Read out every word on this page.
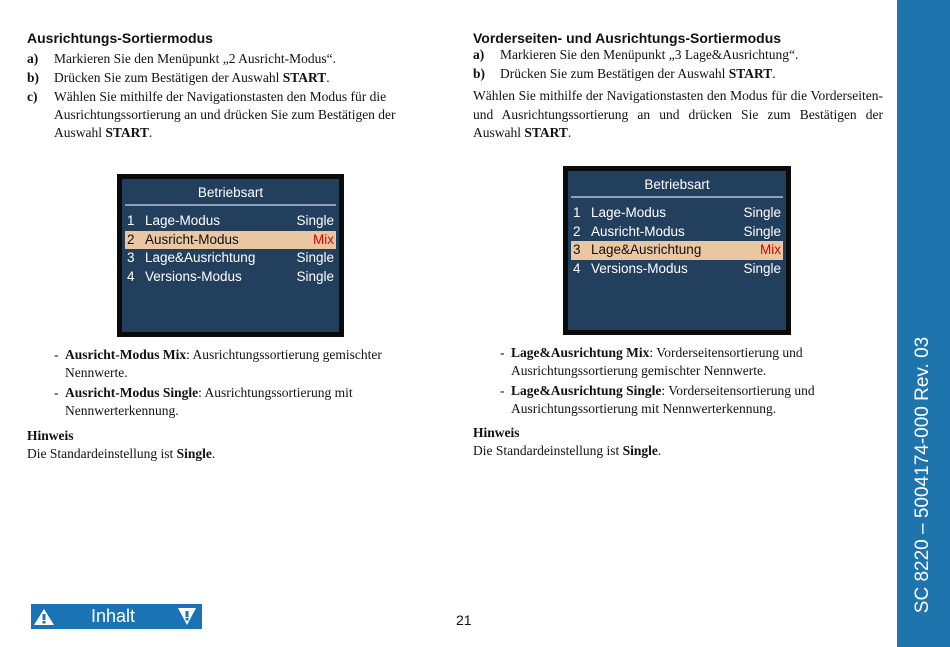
Ausrichtungs-Sortiermodus
a)	Markieren Sie den Menüpunkt „2 Ausricht-Modus“.
b)	Drücken Sie zum Bestätigen der Auswahl START.
c)	Wählen Sie mithilfe der Navigationstasten den Modus für die Ausrichtungssortierung an und drücken Sie zum Bestätigen der Auswahl START.
Betriebsart
1 Lage-Modus	Single
2 Ausricht-Modus	Mix
3 Lage&Ausrichtung	Single
4 Versions-Modus	Single
- Ausricht-Modus Mix: Ausrichtungssortierung gemischter Nennwerte.
- Ausricht-Modus Single: Ausrichtungssortierung mit Nennwerterkennung.
Hinweis
Die Standardeinstellung ist Single.
Vorderseiten- und Ausrichtungs-Sortiermodus
a)	Markieren Sie den Menüpunkt „3 Lage&Ausrichtung“.
b)	Drücken Sie zum Bestätigen der Auswahl START.

Wählen Sie mithilfe der Navigationstasten den Modus für die Vorderseiten- und Ausrichtungssortierung an und drücken Sie zum Bestätigen der Auswahl START.

Betriebsart
1 Lage-Modus	Single
2 Ausricht-Modus	Single
3 Lage&Ausrichtung	Mix
4 Versions-Modus	Single
- Lage&Ausrichtung Mix: Vorderseitensortierung und Ausrichtungssortierung gemischter Nennwerte.
- Lage&Ausrichtung Single: Vorderseitensortierung und Ausrichtungssortierung mit Nennwerterkennung.
Hinweis
Die Standardeinstellung ist Single.
Inhalt	21
SC 8220 – 5004174-000 Rev. 03
